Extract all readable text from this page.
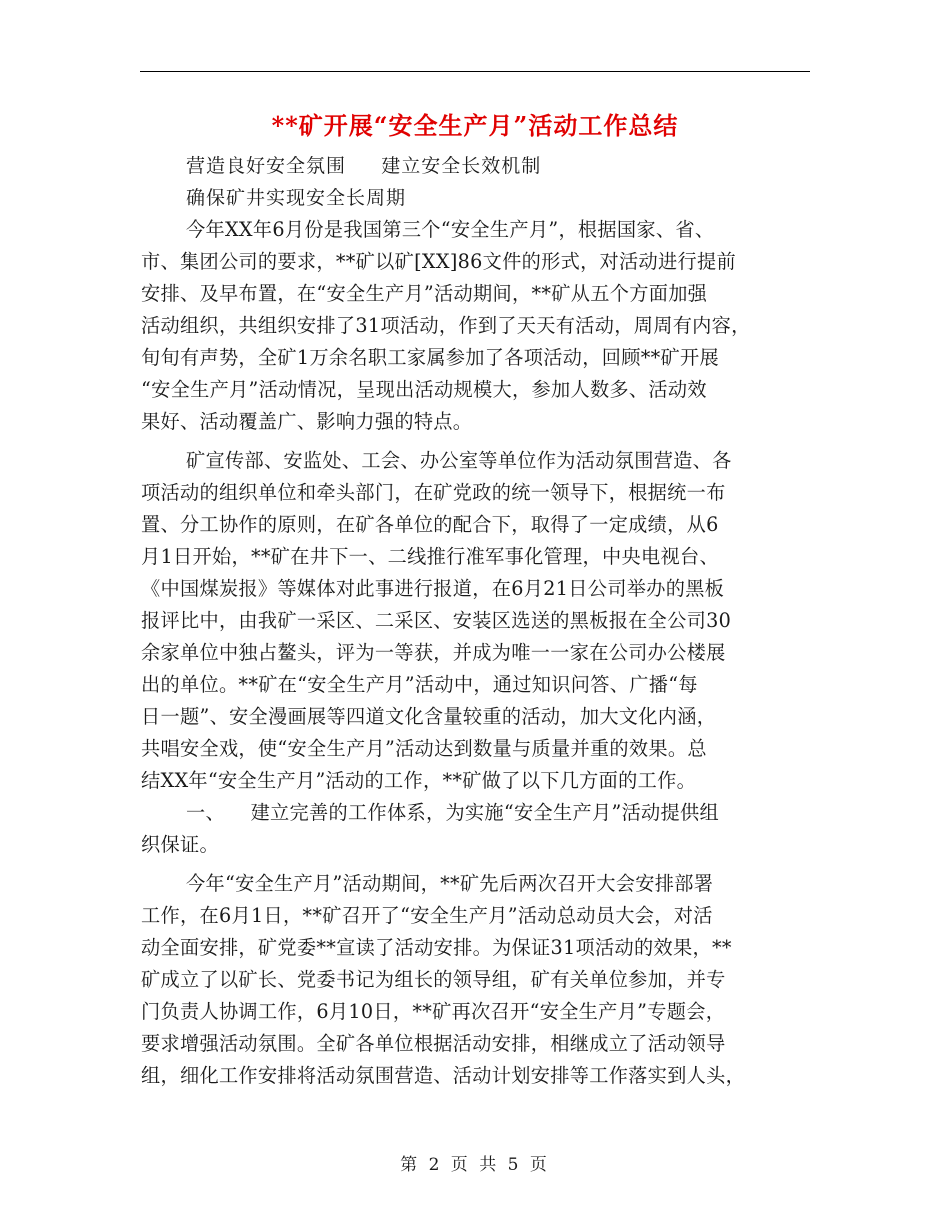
**矿开展“安全生产月”活动工作总结
营造良好安全氛围     建立安全长效机制
确保矿井实现安全长周期
今年XX年6月份是我国第三个“安全生产月”，根据国家、省、
市、集团公司的要求，**矿以矿[XX]86文件的形式，对活动进行提前
安排、及早布置，在“安全生产月”活动期间，**矿从五个方面加强
活动组织，共组织安排了31项活动，作到了天天有活动，周周有内容，
旬旬有声势，全矿1万余名职工家属参加了各项活动，回顾**矿开展
“安全生产月”活动情况，呈现出活动规模大，参加人数多、活动效
果好、活动覆盖广、影响力强的特点。
矿宣传部、安监处、工会、办公室等单位作为活动氛围营造、各
项活动的组织单位和牵头部门，在矿党政的统一领导下，根据统一布
置、分工协作的原则，在矿各单位的配合下，取得了一定成绩，从6
月1日开始，**矿在井下一、二线推行准军事化管理，中央电视台、
《中国煤炭报》等媒体对此事进行报道，在6月21日公司举办的黑板
报评比中，由我矿一采区、二采区、安装区选送的黑板报在全公司30
余家单位中独占鳌头，评为一等获，并成为唯一一家在公司办公楼展
出的单位。**矿在“安全生产月”活动中，通过知识问答、广播“每
日一题”、安全漫画展等四道文化含量较重的活动，加大文化内涵，
共唱安全戏，使“安全生产月”活动达到数量与质量并重的效果。总
结XX年“安全生产月”活动的工作，**矿做了以下几方面的工作。
一、    建立完善的工作体系，为实施“安全生产月”活动提供组
织保证。
今年“安全生产月”活动期间，**矿先后两次召开大会安排部署
工作，在6月1日，**矿召开了“安全生产月”活动总动员大会，对活
动全面安排，矿党委**宣读了活动安排。为保证31项活动的效果，**
矿成立了以矿长、党委书记为组长的领导组，矿有关单位参加，并专
门负责人协调工作，6月10日，**矿再次召开“安全生产月”专题会，
要求增强活动氛围。全矿各单位根据活动安排，相继成立了活动领导
组，细化工作安排将活动氛围营造、活动计划安排等工作落实到人头，
第 2 页 共 5 页
